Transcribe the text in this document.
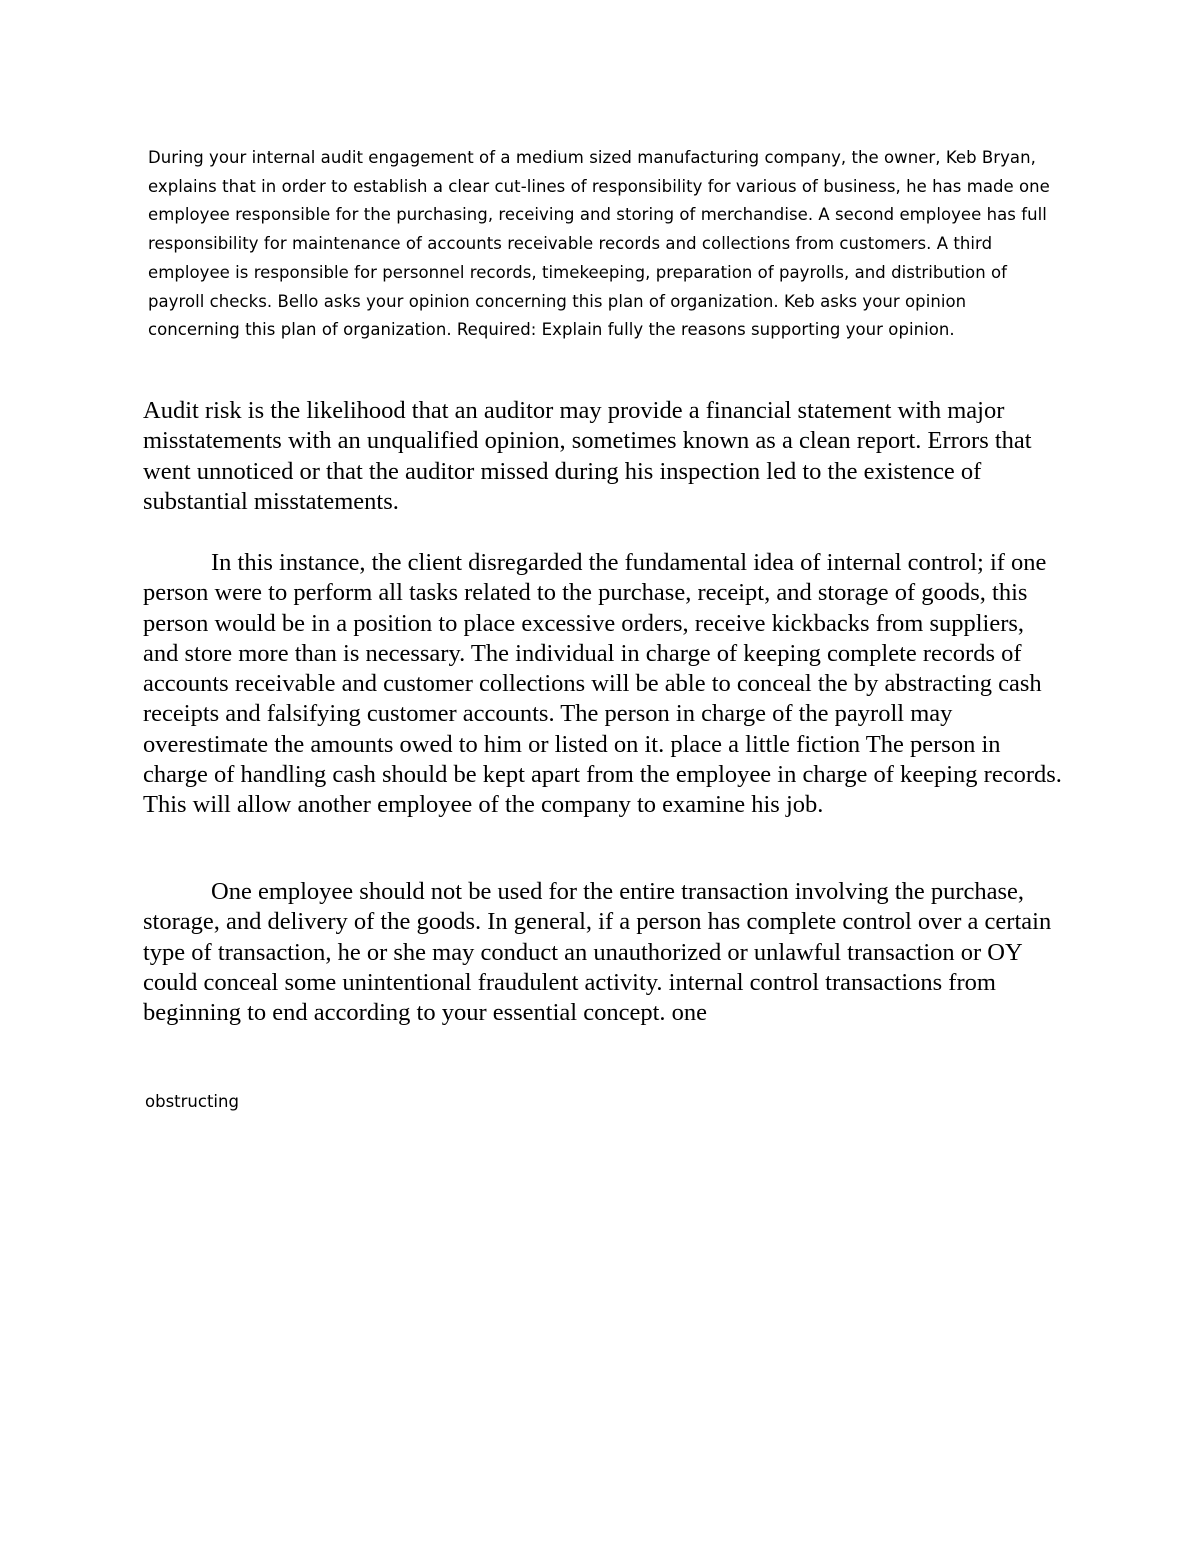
During your internal audit engagement of a medium sized manufacturing company, the owner, Keb Bryan, explains that in order to establish a clear cut-lines of responsibility for various of business, he has made one employee responsible for the purchasing, receiving and storing of merchandise. A second employee has full responsibility for maintenance of accounts receivable records and collections from customers. A third employee is responsible for personnel records, timekeeping, preparation of payrolls, and distribution of payroll checks. Bello asks your opinion concerning this plan of organization. Keb asks your opinion concerning this plan of organization. Required: Explain fully the reasons supporting your opinion.

Audit risk is the likelihood that an auditor may provide a financial statement with major misstatements with an unqualified opinion, sometimes known as a clean report. Errors that went unnoticed or that the auditor missed during his inspection led to the existence of substantial misstatements.

In this instance, the client disregarded the fundamental idea of internal control; if one person were to perform all tasks related to the purchase, receipt, and storage of goods, this person would be in a position to place excessive orders, receive kickbacks from suppliers, and store more than is necessary. The individual in charge of keeping complete records of accounts receivable and customer collections will be able to conceal the by abstracting cash receipts and falsifying customer accounts. The person in charge of the payroll may overestimate the amounts owed to him or listed on it. place a little fiction The person in charge of handling cash should be kept apart from the employee in charge of keeping records. This will allow another employee of the company to examine his job.

One employee should not be used for the entire transaction involving the purchase, storage, and delivery of the goods. In general, if a person has complete control over a certain type of transaction, he or she may conduct an unauthorized or unlawful transaction or OY could conceal some unintentional fraudulent activity. internal control transactions from beginning to end according to your essential concept. one

obstructing
